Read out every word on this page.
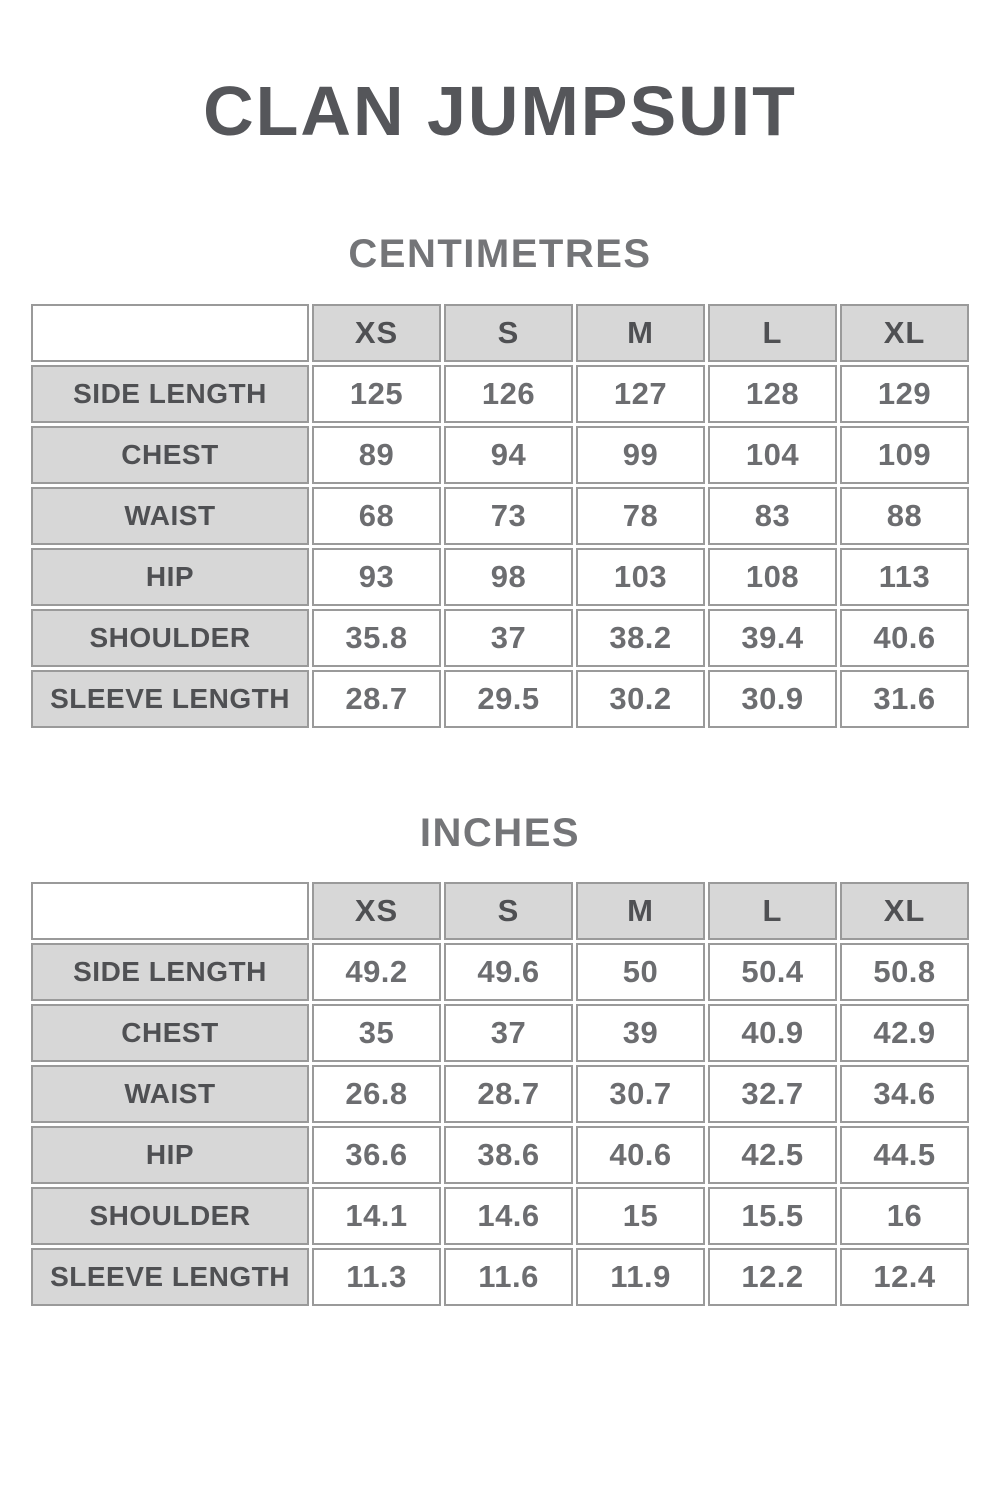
CLAN JUMPSUIT
CENTIMETRES
	XS	S	M	L	XL
SIDE LENGTH	125	126	127	128	129
CHEST	89	94	99	104	109
WAIST	68	73	78	83	88
HIP	93	98	103	108	113
SHOULDER	35.8	37	38.2	39.4	40.6
SLEEVE LENGTH	28.7	29.5	30.2	30.9	31.6
INCHES
	XS	S	M	L	XL
SIDE LENGTH	49.2	49.6	50	50.4	50.8
CHEST	35	37	39	40.9	42.9
WAIST	26.8	28.7	30.7	32.7	34.6
HIP	36.6	38.6	40.6	42.5	44.5
SHOULDER	14.1	14.6	15	15.5	16
SLEEVE LENGTH	11.3	11.6	11.9	12.2	12.4
